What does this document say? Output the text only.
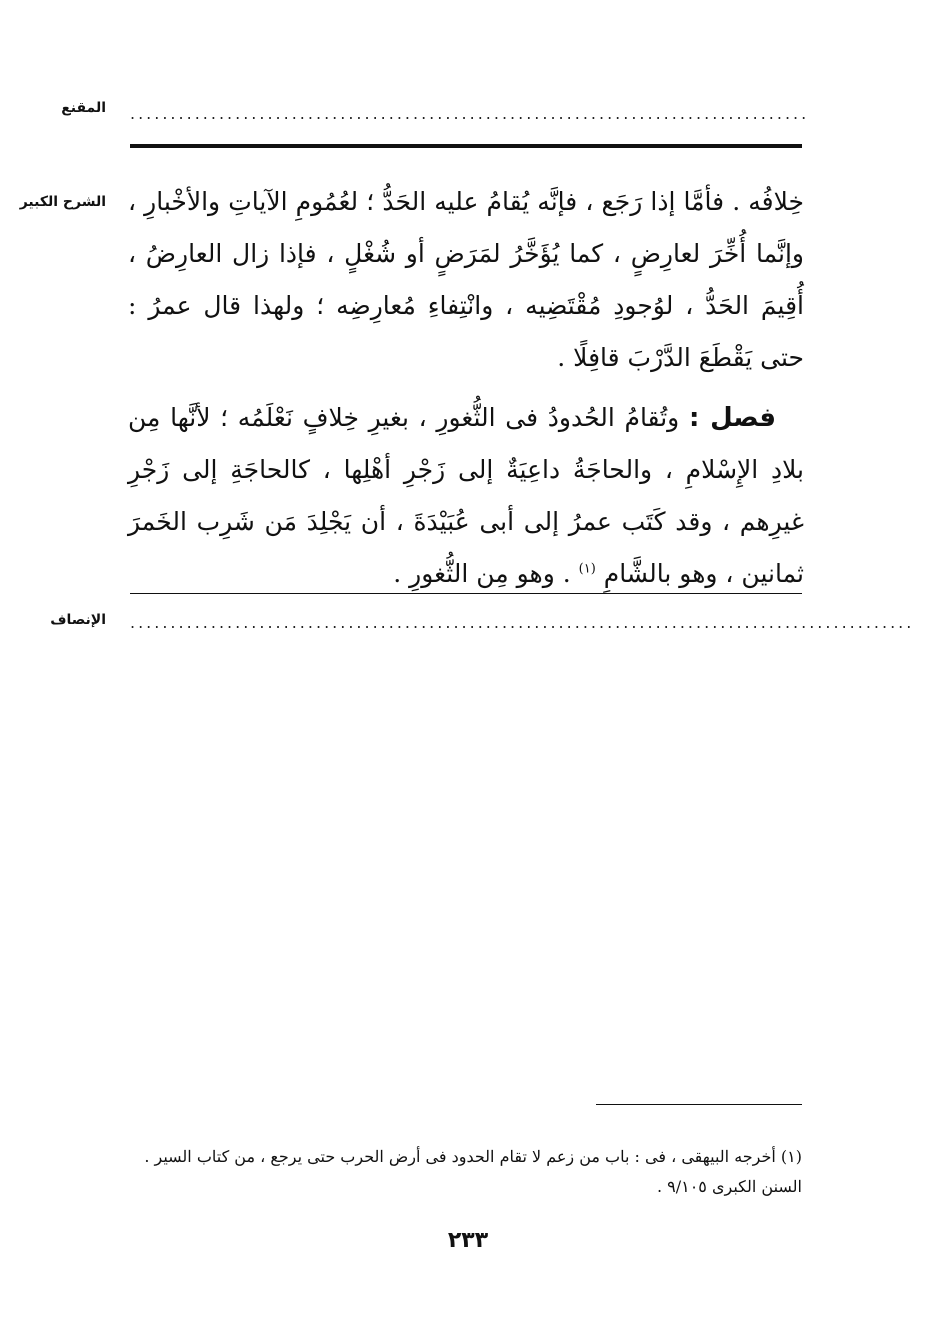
المقنع ....................................................................................
الشرح الكبير خِلافُه . فأمَّا إذا رَجَع ، فإنَّه يُقامُ عليه الحَدُّ ؛ لعُمُومِ الآياتِ والأخْبارِ ، وإنَّما أُخِّرَ لعارِضٍ ، كما يُؤَخَّرُ لمَرَضٍ أو شُغْلٍ ، فإذا زال العارِضُ ، أُقِيمَ الحَدُّ ، لوُجودِ مُقْتَضِيه ، وانْتِفاءِ مُعارِضِه ؛ ولهذا قال عمرُ : حتى يَقْطَعَ الدَّرْبَ قافِلًا .

فصل : وتُقامُ الحُدودُ فى الثُّغورِ ، بغيرِ خِلافٍ نَعْلَمُه ؛ لأنَّها مِن بلادِ الإِسْلامِ ، والحاجَةُ داعِيَةٌ إلى زَجْرِ أهْلِها ، كالحاجَةِ إلى زَجْرِ غيرِهم ، وقد كَتَب عمرُ إلى أبى عُبَيْدَةَ ، أن يَجْلِدَ مَن شَرِب الخَمرَ ثمانين ، وهو بالشَّامِ $^{(١)}$ . وهو مِن الثُّغورِ .

الإنصاف .................................................................................................
(١) أخرجه البيهقى ، فى : باب من زعم لا تقام الحدود فى أرض الحرب حتى يرجع ، من كتاب السير . السنن الكبرى ٩/١٠٥ .
٢٣٣
